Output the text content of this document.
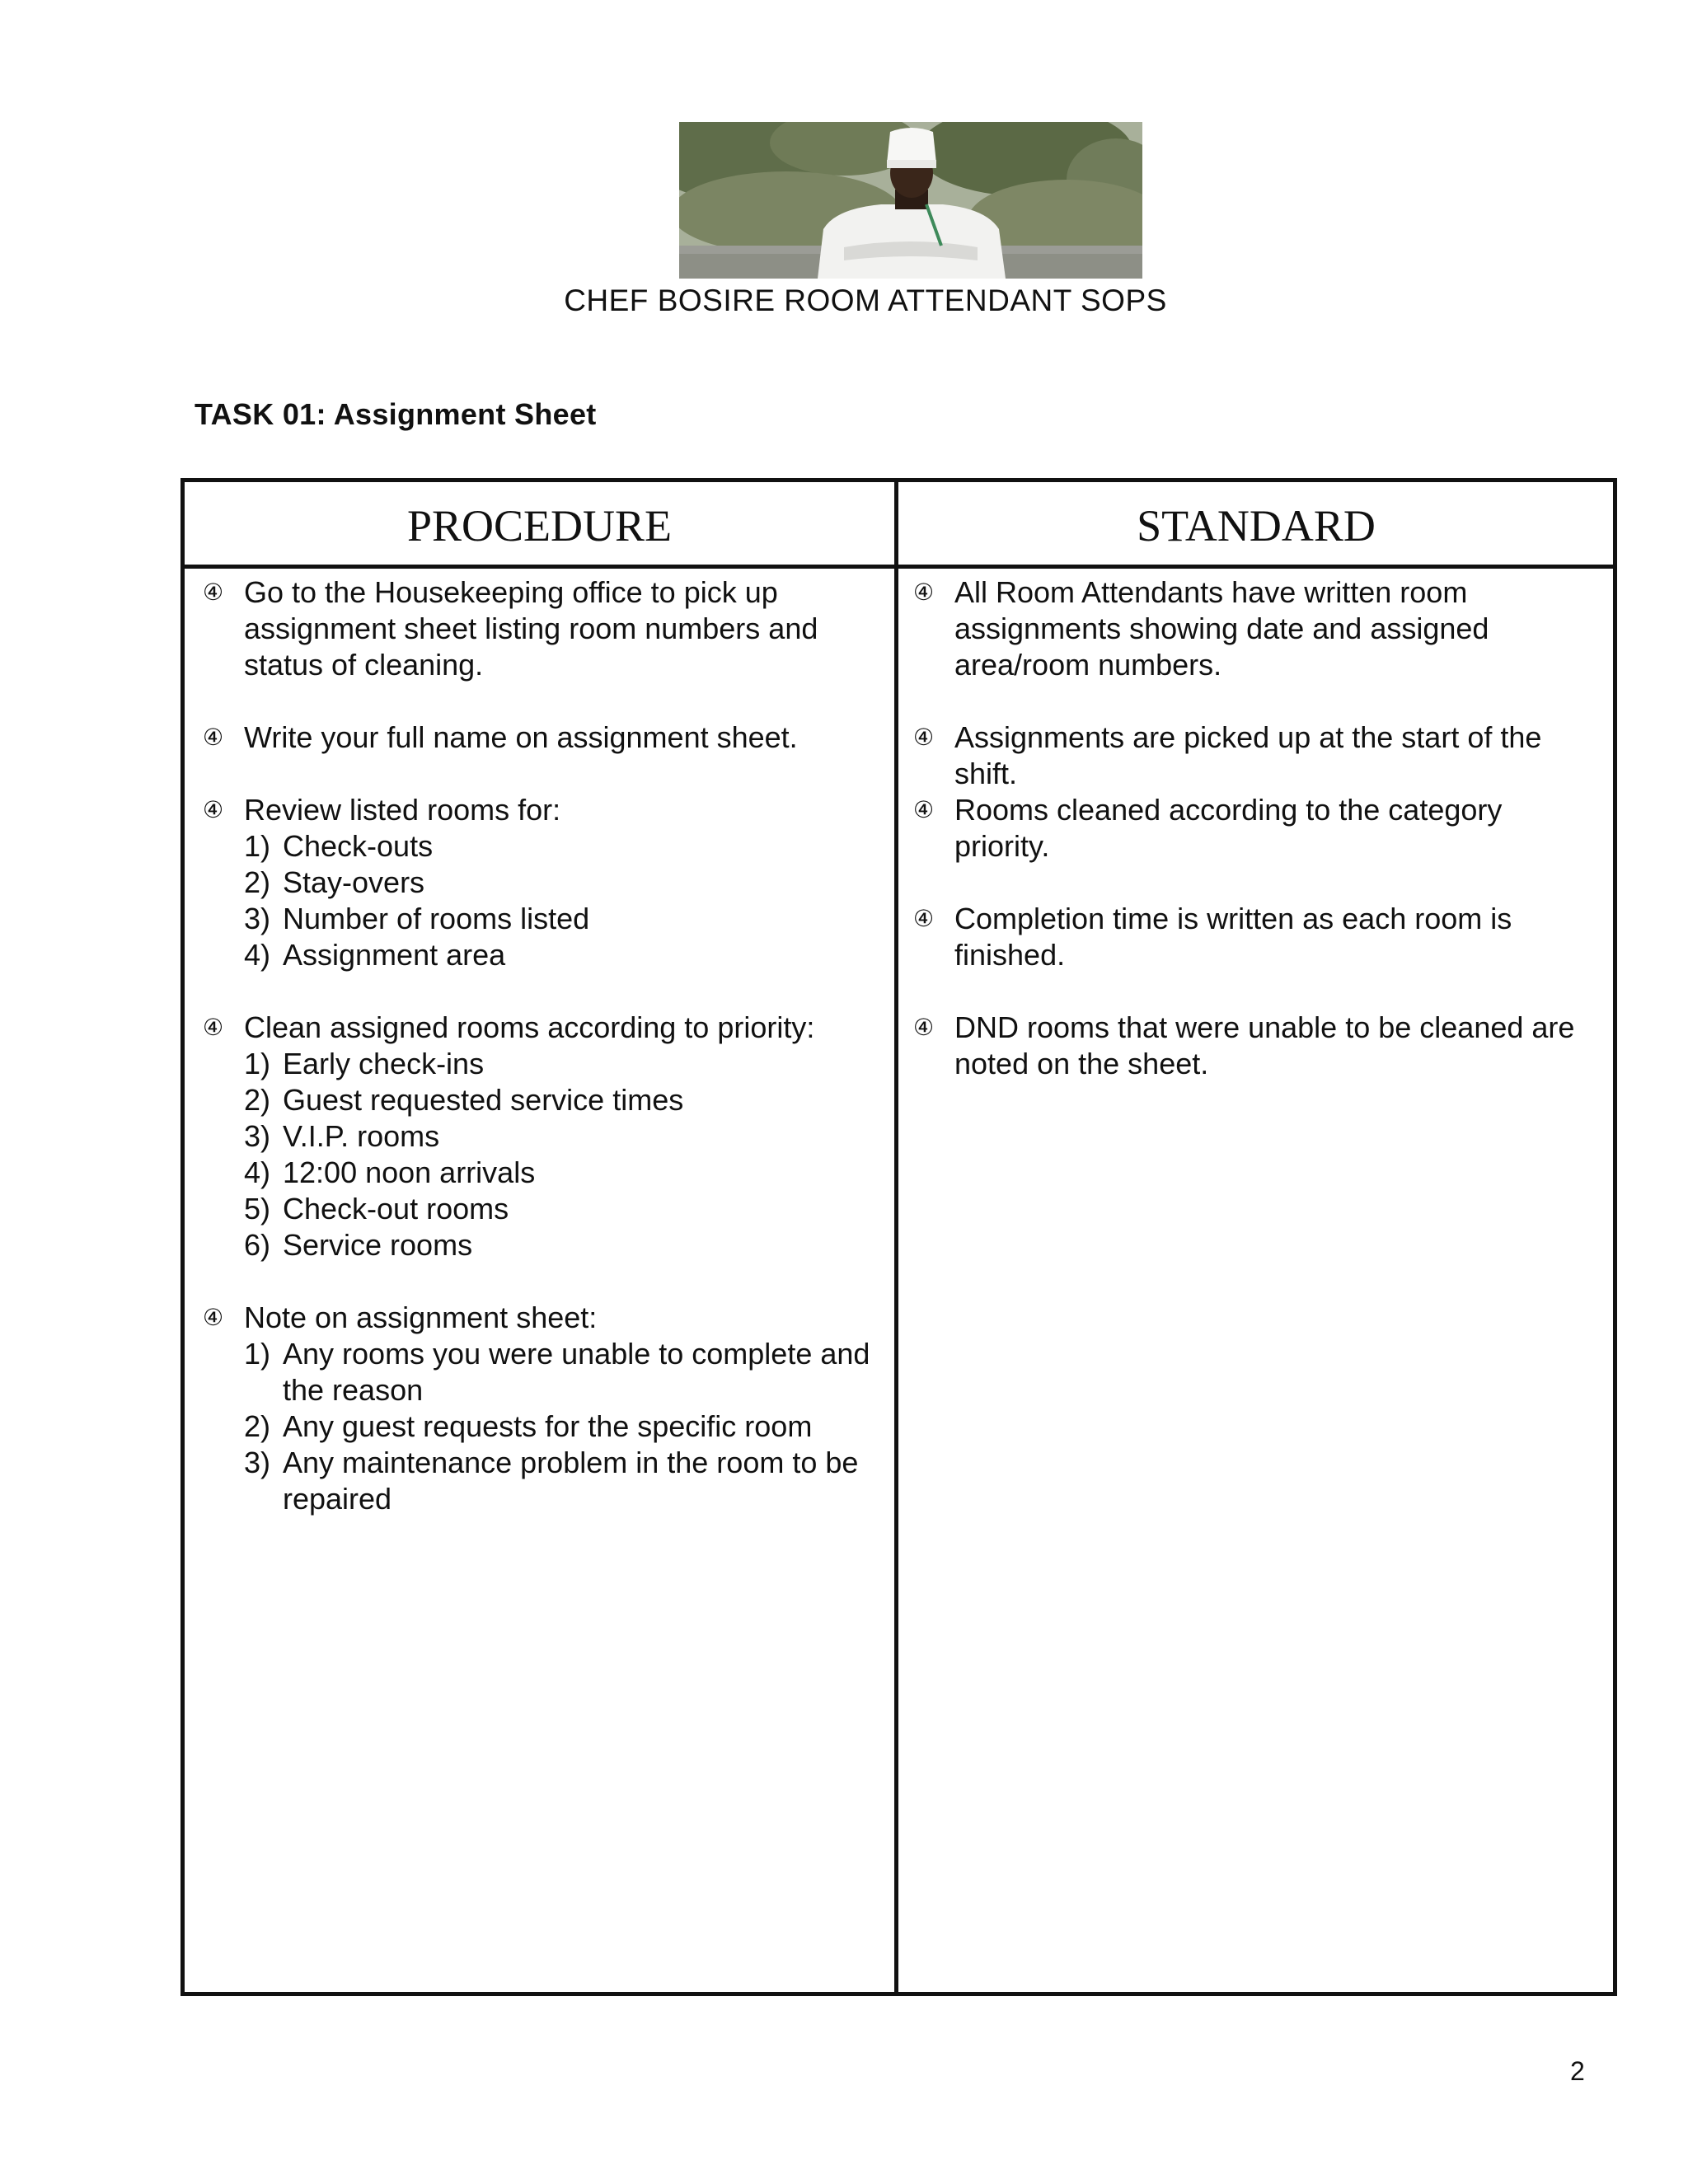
CHEF BOSIRE ROOM ATTENDANT SOPS
TASK 01: Assignment Sheet
PROCEDURE	STANDARD
④ Go to the Housekeeping office to pick up assignment sheet listing room numbers and status of cleaning.
④ Write your full name on assignment sheet.
④ Review listed rooms for:
1) Check-outs
2) Stay-overs
3) Number of rooms listed
4) Assignment area
④ Clean assigned rooms according to priority:
1) Early check-ins
2) Guest requested service times
3) V.I.P. rooms
4) 12:00 noon arrivals
5) Check-out rooms
6) Service rooms
④ Note on assignment sheet:
1) Any rooms you were unable to complete and the reason
2) Any guest requests for the specific room
3) Any maintenance problem in the room to be repaired
④ All Room Attendants have written room assignments showing date and assigned area/room numbers.
④ Assignments are picked up at the start of the shift.
④ Rooms cleaned according to the category priority.
④ Completion time is written as each room is finished.
④ DND rooms that were unable to be cleaned are noted on the sheet.
2
